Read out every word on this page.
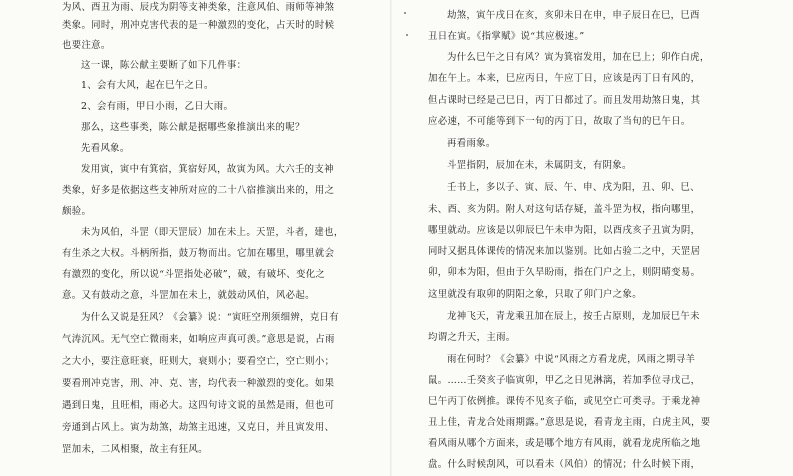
为风、酉丑为雨、辰戌为阴等支神类象，注意风伯、雨师等神煞
类象。同时，刑冲克害代表的是一种激烈的变化，占天时的时候
也要注意。
这一课，陈公献主要断了如下几件事：
1、会有大风，起在巳午之日。
2、会有雨，甲日小雨，乙日大雨。
那么，这些事类，陈公献是据哪些象推演出来的呢？
先看风象。
发用寅，寅中有箕宿，箕宿好风，故寅为风。大六壬的支神
类象，好多是依据这些支神所对应的二十八宿推演出来的，用之
颇验。
未为风伯，斗罡（即天罡辰）加在未上。天罡，斗者，建也，
有生杀之大权。斗柄所指，鼓万物而出。它加在哪里，哪里就会
有激烈的变化，所以说“斗罡指处必破”，破，有破坏、变化之
意。又有鼓动之意，斗罡加在未上，就鼓动风伯，风必起。
为什么又说是狂风？《会纂》说：“寅旺空刑须细辨，克日有
气涛沉风。无气空亡微雨来，如响应声真可羡。”意思是说，占雨
之大小，要注意旺衰，旺则大，衰则小；要看空亡，空亡则小；
要看刑冲克害，刑、冲、克、害，均代表一种激烈的变化。如果
遇到日鬼，且旺相，雨必大。这四句诗文说的虽然是雨，但也可
旁通到占风上。寅为劫煞，劫煞主迅速，又克日，并且寅发用、
罡加未，二风相聚，故主有狂风。
劫煞，寅午戌日在亥，亥卯未日在申，申子辰日在巳，巳酉
丑日在寅。《指掌赋》说“其应极速。”
为什么巳午之日有风？寅为箕宿发用，加在巳上；卯作白虎，
加在午上。本来，巳应丙日，午应丁日，应该是丙丁日有风的，
但占课时已经是己巳日，丙丁日都过了。而且发用劫煞日鬼，其
应必速，不可能等到下一旬的丙丁日，故取了当旬的巳午日。
再看雨象。
斗罡指阴，辰加在未，未属阴支，有阴象。
壬书上，多以子、寅、辰、午、申、戌为阳，丑、卯、巳、
未、酉、亥为阴。附人对这句话存疑，盖斗罡为权，指向哪里，
哪里就动。应该是以卯辰巳午未申为阳，以酉戌亥子丑寅为阴，
同时又据具体课传的情况来加以鉴别。比如占验二之中，天罡居
卯，卯本为阳，但由于久旱盼雨，指在门户之上，则阴晴变易。
这里就没有取卯的阴阳之象，只取了卯门户之象。
龙神飞天，青龙乘丑加在辰上，按壬占原则，龙加辰巳午未
均谓之升天，主雨。
雨在何时？《会纂》中说“风雨之方看龙虎，风雨之期寻羊
鼠。……壬癸亥子临寅卯，甲乙之日见淋漓，若加季位寻戊己，
巳午丙丁依例推。课传不见亥子临，或见空亡可类寻。于乘龙神
丑上佳，青龙合处雨期露。”意思是说，看青龙主雨，白虎主风，要
看风雨从哪个方面来，或是哪个地方有风雨，就看龙虎所临之地
盘。什么时候刮风，可以看未（风伯）的情况；什么时候下雨，
